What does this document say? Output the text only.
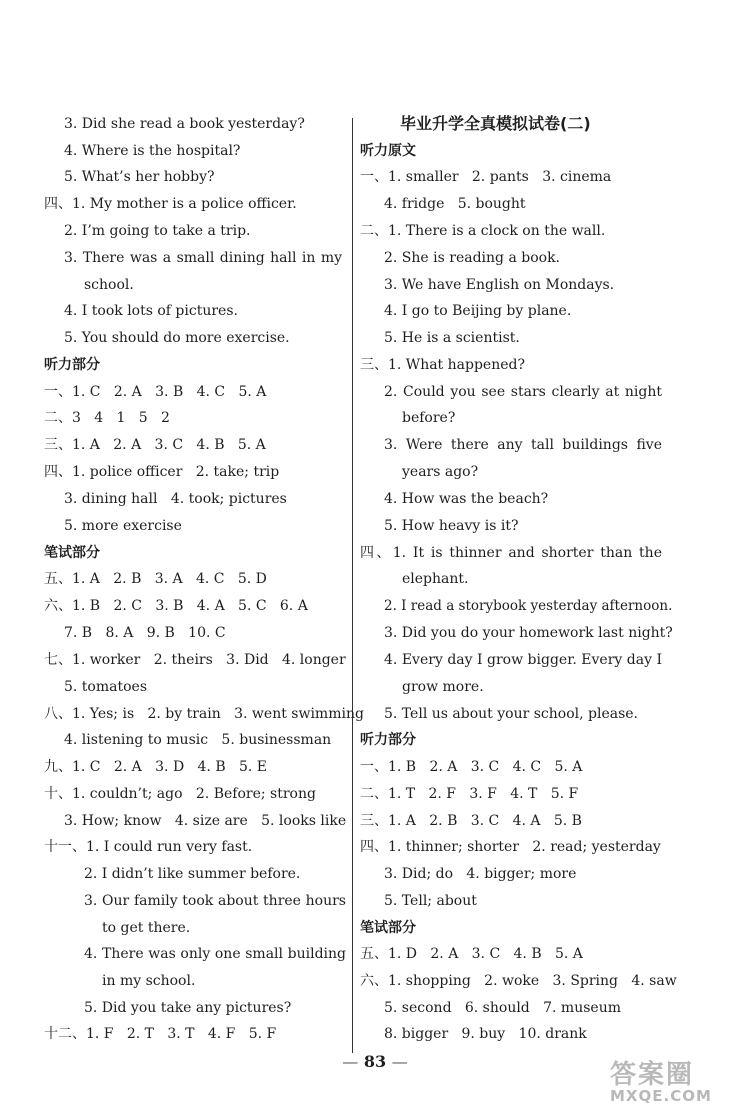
3. Did she read a book yesterday?
4. Where is the hospital?
5. What’s her hobby?
四、1. My mother is a police officer.
2. I’m going to take a trip.
3. There was a small dining hall in my
school.
4. I took lots of pictures.
5. You should do more exercise.
听力部分
一、1. C   2. A   3. B   4. C   5. A
二、3   4   1   5   2
三、1. A   2. A   3. C   4. B   5. A
四、1. police officer   2. take; trip
3. dining hall   4. took; pictures
5. more exercise
笔试部分
五、1. A   2. B   3. A   4. C   5. D
六、1. B   2. C   3. B   4. A   5. C   6. A
7. B   8. A   9. B   10. C
七、1. worker   2. theirs   3. Did   4. longer
5. tomatoes
八、1. Yes; is   2. by train   3. went swimming
4. listening to music   5. businessman
九、1. C   2. A   3. D   4. B   5. E
十、1. couldn’t; ago   2. Before; strong
3. How; know   4. size are   5. looks like
十一、1. I could run very fast.
2. I didn’t like summer before.
3. Our family took about three hours
to get there.
4. There was only one small building
in my school.
5. Did you take any pictures?
十二、1. F   2. T   3. T   4. F   5. F
毕业升学全真模拟试卷(二)
听力原文
一、1. smaller   2. pants   3. cinema
4. fridge   5. bought
二、1. There is a clock on the wall.
2. She is reading a book.
3. We have English on Mondays.
4. I go to Beijing by plane.
5. He is a scientist.
三、1. What happened?
2. Could you see stars clearly at night
before?
3. Were there any tall buildings five
years ago?
4. How was the beach?
5. How heavy is it?
四、1. It is thinner and shorter than the
elephant.
2. I read a storybook yesterday afternoon.
3. Did you do your homework last night?
4. Every day I grow bigger. Every day I
grow more.
5. Tell us about your school, please.
听力部分
一、1. B   2. A   3. C   4. C   5. A
二、1. T   2. F   3. F   4. T   5. F
三、1. A   2. B   3. C   4. A   5. B
四、1. thinner; shorter   2. read; yesterday
3. Did; do   4. bigger; more
5. Tell; about
笔试部分
五、1. D   2. A   3. C   4. B   5. A
六、1. shopping   2. woke   3. Spring   4. saw
5. second   6. should   7. museum
8. bigger   9. buy   10. drank
— 83 —	答案圈
MXQE.COM
